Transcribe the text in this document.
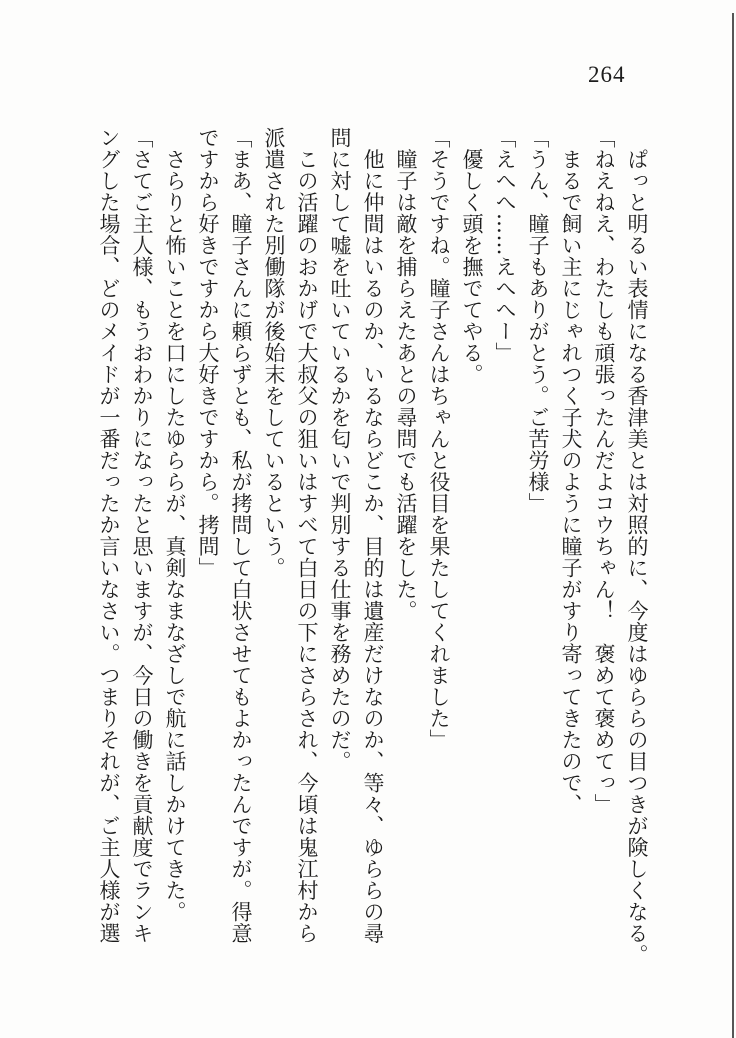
264
　ぱっと明るい表情になる香津美とは対照的に、今度はゆららの目つきが険しくなる。
「ねえねえ、わたしも頑張ったんだよコウちゃん！　褒めて褒めてっ」
　まるで飼い主にじゃれつく子犬のように瞳子がすり寄ってきたので、
「うん、瞳子もありがとう。ご苦労様」
「えへへ……えへへー」
　優しく頭を撫でてやる。
「そうですね。瞳子さんはちゃんと役目を果たしてくれました」
　瞳子は敵を捕らえたあとの尋問でも活躍をした。
　他に仲間はいるのか、いるならどこか、目的は遺産だけなのか、等々、ゆららの尋
問に対して嘘を吐いているかを匂いで判別する仕事を務めたのだ。
　この活躍のおかげで大叔父の狙いはすべて白日の下にさらされ、今頃は鬼江村から
派遣された別働隊が後始末をしているという。
「まあ、瞳子さんに頼らずとも、私が拷問して白状させてもよかったんですが。得意
ですから好きですから大好きですから。拷問」
　さらりと怖いことを口にしたゆららが、真剣なまなざしで航に話しかけてきた。
「さてご主人様、もうおわかりになったと思いますが、今日の働きを貢献度でランキ
ングした場合、どのメイドが一番だったか言いなさい。つまりそれが、ご主人様が選
